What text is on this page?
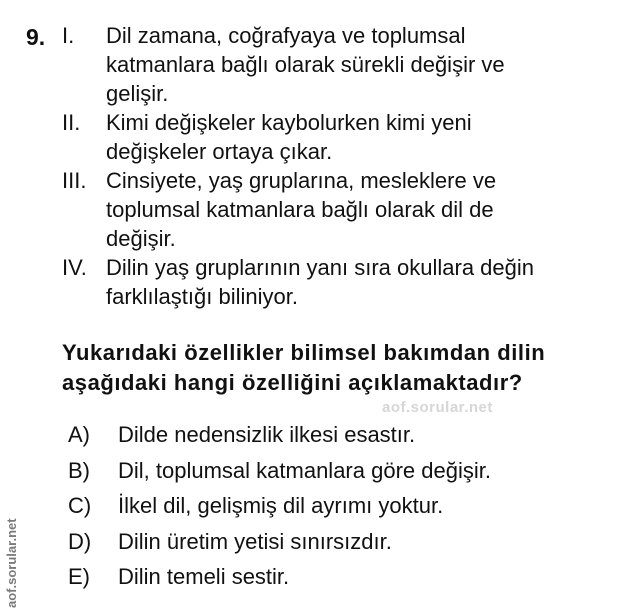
9. I.	Dil zamana, coğrafyaya ve toplumsal
katmanlara bağlı olarak sürekli değişir ve
gelişir.
II.	Kimi değişkeler kaybolurken kimi yeni
değişkeler ortaya çıkar.
III. Cinsiyete, yaş gruplarına, mesleklere ve
toplumsal katmanlara bağlı olarak dil de
değişir.
IV. Dilin yaş gruplarının yanı sıra okullara değin
farklılaştığı biliniyor.
Yukarıdaki özellikler bilimsel bakımdan dilin
aşağıdaki hangi özelliğini açıklamaktadır?
aof.sorular.net
A)	Dilde nedensizlik ilkesi esastır.
B)	Dil, toplumsal katmanlara göre değişir.
C)	İlkel dil, gelişmiş dil ayrımı yoktur.
D)	Dilin üretim yetisi sınırsızdır.
E)	Dilin temeli sestir.
aof.sorular.net
